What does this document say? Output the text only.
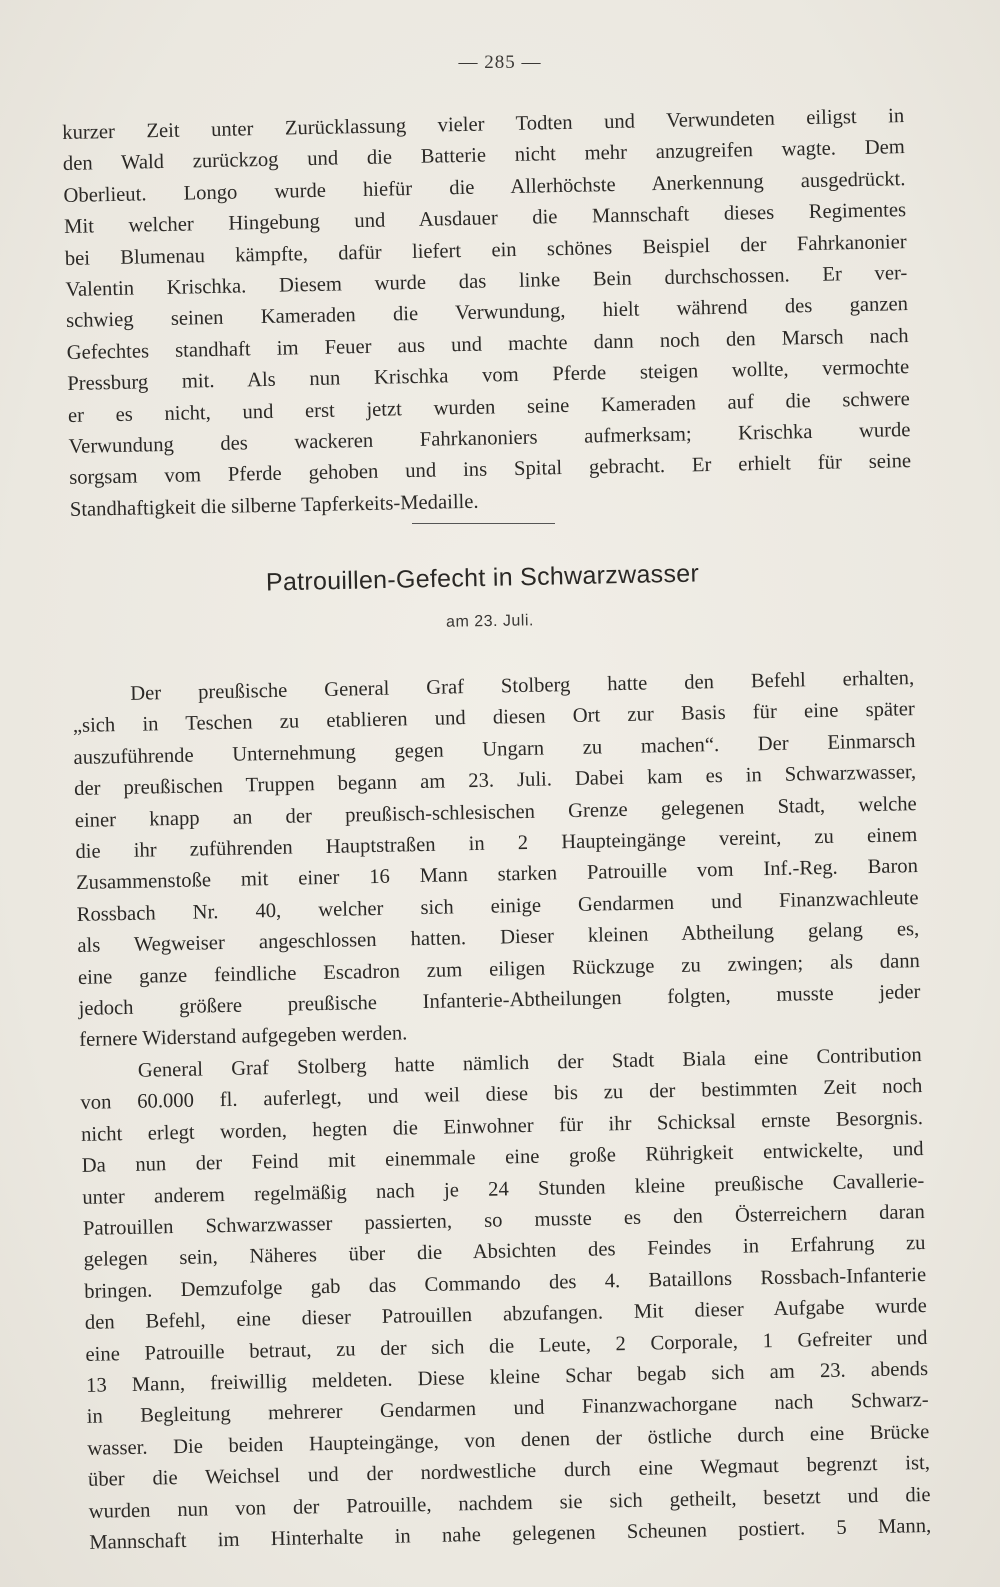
— 285 —
kurzer Zeit unter Zurücklassung vieler Todten und Verwundeten eiligst in
den Wald zurückzog und die Batterie nicht mehr anzugreifen wagte. Dem
Oberlieut. Longo wurde hiefür die Allerhöchste Anerkennung ausgedrückt.
Mit welcher Hingebung und Ausdauer die Mannschaft dieses Regimentes
bei Blumenau kämpfte, dafür liefert ein schönes Beispiel der Fahrkanonier
Valentin Krischka. Diesem wurde das linke Bein durchschossen. Er ver-
schwieg seinen Kameraden die Verwundung, hielt während des ganzen
Gefechtes standhaft im Feuer aus und machte dann noch den Marsch nach
Pressburg mit. Als nun Krischka vom Pferde steigen wollte, vermochte
er es nicht, und erst jetzt wurden seine Kameraden auf die schwere
Verwundung des wackeren Fahrkanoniers aufmerksam; Krischka wurde
sorgsam vom Pferde gehoben und ins Spital gebracht. Er erhielt für seine
Standhaftigkeit die silberne Tapferkeits-Medaille.
Patrouillen-Gefecht in Schwarzwasser
am 23. Juli.
Der preußische General Graf Stolberg hatte den Befehl erhalten,
„sich in Teschen zu etablieren und diesen Ort zur Basis für eine später
auszuführende Unternehmung gegen Ungarn zu machen“. Der Einmarsch
der preußischen Truppen begann am 23. Juli. Dabei kam es in Schwarzwasser,
einer knapp an der preußisch-schlesischen Grenze gelegenen Stadt, welche
die ihr zuführenden Hauptstraßen in 2 Haupteingänge vereint, zu einem
Zusammenstoße mit einer 16 Mann starken Patrouille vom Inf.-Reg. Baron
Rossbach Nr. 40, welcher sich einige Gendarmen und Finanzwachleute
als Wegweiser angeschlossen hatten. Dieser kleinen Abtheilung gelang es,
eine ganze feindliche Escadron zum eiligen Rückzuge zu zwingen; als dann
jedoch größere preußische Infanterie-Abtheilungen folgten, musste jeder
fernere Widerstand aufgegeben werden.
General Graf Stolberg hatte nämlich der Stadt Biala eine Contribution
von 60.000 fl. auferlegt, und weil diese bis zu der bestimmten Zeit noch
nicht erlegt worden, hegten die Einwohner für ihr Schicksal ernste Besorgnis.
Da nun der Feind mit einemmale eine große Rührigkeit entwickelte, und
unter anderem regelmäßig nach je 24 Stunden kleine preußische Cavallerie-
Patrouillen Schwarzwasser passierten, so musste es den Österreichern daran
gelegen sein, Näheres über die Absichten des Feindes in Erfahrung zu
bringen. Demzufolge gab das Commando des 4. Bataillons Rossbach-Infanterie
den Befehl, eine dieser Patrouillen abzufangen. Mit dieser Aufgabe wurde
eine Patrouille betraut, zu der sich die Leute, 2 Corporale, 1 Gefreiter und
13 Mann, freiwillig meldeten. Diese kleine Schar begab sich am 23. abends
in Begleitung mehrerer Gendarmen und Finanzwachorgane nach Schwarz-
wasser. Die beiden Haupteingänge, von denen der östliche durch eine Brücke
über die Weichsel und der nordwestliche durch eine Wegmaut begrenzt ist,
wurden nun von der Patrouille, nachdem sie sich getheilt, besetzt und die
Mannschaft im Hinterhalte in nahe gelegenen Scheunen postiert. 5 Mann,
